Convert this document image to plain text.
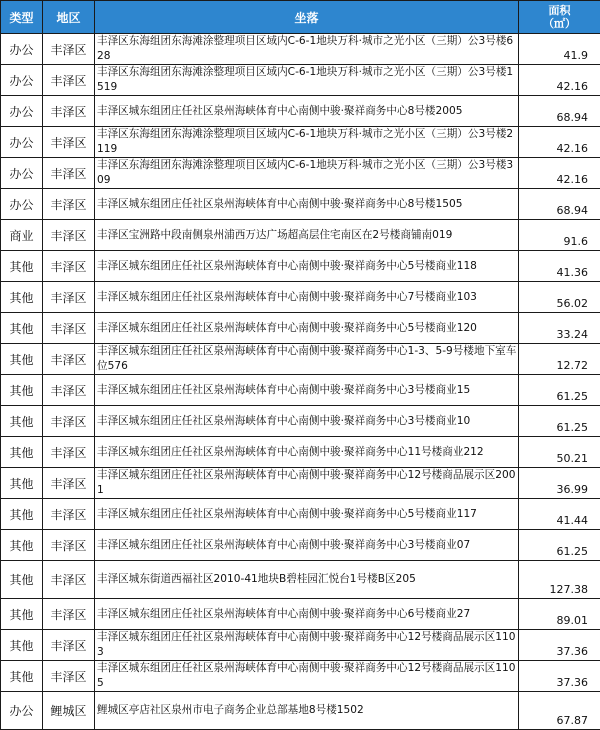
类型	地区	坐落	面积
（㎡）

办公	丰泽区	丰泽区东海组团东海滩涂整理项目区域内C-6-1地块万科·城市之光小区（三期）公3号楼628	41.9
办公	丰泽区	丰泽区东海组团东海滩涂整理项目区域内C-6-1地块万科·城市之光小区（三期）公3号楼1519	42.16
办公	丰泽区	丰泽区城东组团庄任社区泉州海峡体育中心南侧中骏·聚祥商务中心8号楼2005	68.94
办公	丰泽区	丰泽区东海组团东海滩涂整理项目区域内C-6-1地块万科·城市之光小区（三期）公3号楼2119	42.16
办公	丰泽区	丰泽区东海组团东海滩涂整理项目区域内C-6-1地块万科·城市之光小区（三期）公3号楼309	42.16
办公	丰泽区	丰泽区城东组团庄任社区泉州海峡体育中心南侧中骏·聚祥商务中心8号楼1505	68.94
商业	丰泽区	丰泽区宝洲路中段南侧泉州浦西万达广场超高层住宅南区在2号楼商铺南019	91.6
其他	丰泽区	丰泽区城东组团庄任社区泉州海峡体育中心南侧中骏·聚祥商务中心5号楼商业118	41.36
其他	丰泽区	丰泽区城东组团庄任社区泉州海峡体育中心南侧中骏·聚祥商务中心7号楼商业103	56.02
其他	丰泽区	丰泽区城东组团庄任社区泉州海峡体育中心南侧中骏·聚祥商务中心5号楼商业120	33.24
其他	丰泽区	丰泽区城东组团庄任社区泉州海峡体育中心南侧中骏·聚祥商务中心1-3、5-9号楼地下室车位576	12.72
其他	丰泽区	丰泽区城东组团庄任社区泉州海峡体育中心南侧中骏·聚祥商务中心3号楼商业15	61.25
其他	丰泽区	丰泽区城东组团庄任社区泉州海峡体育中心南侧中骏·聚祥商务中心3号楼商业10	61.25
其他	丰泽区	丰泽区城东组团庄任社区泉州海峡体育中心南侧中骏·聚祥商务中心11号楼商业212	50.21
其他	丰泽区	丰泽区城东组团庄任社区泉州海峡体育中心南侧中骏·聚祥商务中心12号楼商品展示区2001	36.99
其他	丰泽区	丰泽区城东组团庄任社区泉州海峡体育中心南侧中骏·聚祥商务中心5号楼商业117	41.44
其他	丰泽区	丰泽区城东组团庄任社区泉州海峡体育中心南侧中骏·聚祥商务中心3号楼商业07	61.25
其他	丰泽区	丰泽区城东街道西福社区2010-41地块B碧桂园汇悦台1号楼B区205	127.38
其他	丰泽区	丰泽区城东组团庄任社区泉州海峡体育中心南侧中骏·聚祥商务中心6号楼商业27	89.01
其他	丰泽区	丰泽区城东组团庄任社区泉州海峡体育中心南侧中骏·聚祥商务中心12号楼商品展示区1103	37.36
其他	丰泽区	丰泽区城东组团庄任社区泉州海峡体育中心南侧中骏·聚祥商务中心12号楼商品展示区1105	37.36
办公	鲤城区	鲤城区亭店社区泉州市电子商务企业总部基地8号楼1502	67.87
